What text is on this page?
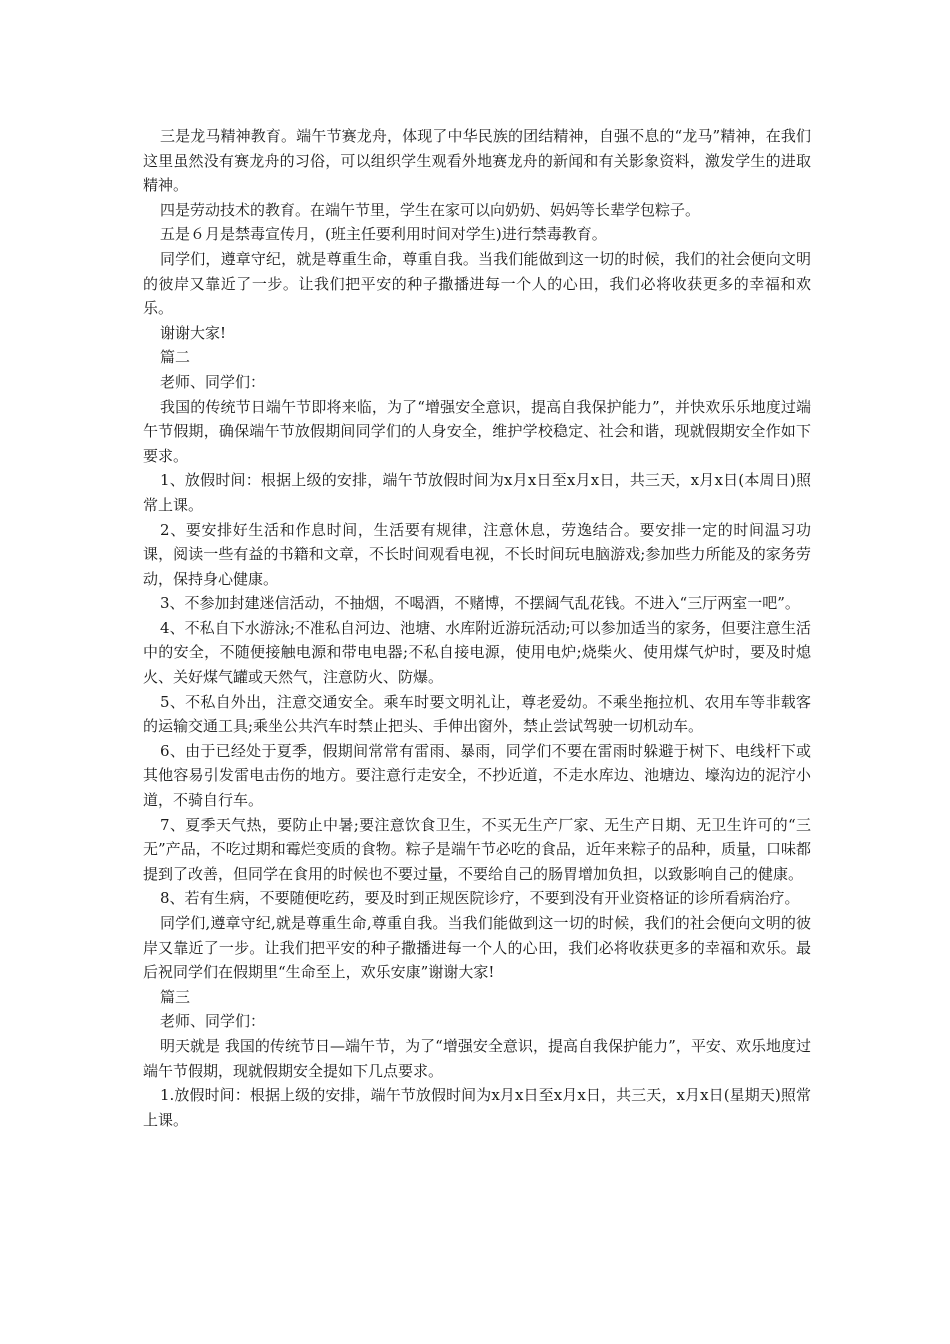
三是龙马精神教育。端午节赛龙舟，体现了中华民族的团结精神，自强不息的“龙马”精神，在我们这里虽然没有赛龙舟的习俗，可以组织学生观看外地赛龙舟的新闻和有关影象资料，激发学生的进取精神。

四是劳动技术的教育。在端午节里，学生在家可以向奶奶、妈妈等长辈学包粽子。

五是６月是禁毒宣传月，(班主任要利用时间对学生)进行禁毒教育。

同学们，遵章守纪，就是尊重生命，尊重自我。当我们能做到这一切的时候，我们的社会便向文明的彼岸又靠近了一步。让我们把平安的种子撒播进每一个人的心田，我们必将收获更多的幸福和欢乐。

谢谢大家!

篇二

老师、同学们：

我国的传统节日端午节即将来临，为了“增强安全意识，提高自我保护能力”，并快欢乐乐地度过端午节假期，确保端午节放假期间同学们的人身安全，维护学校稳定、社会和谐，现就假期安全作如下要求。

1、放假时间：根据上级的安排，端午节放假时间为x月x日至x月x日，共三天，x月x日(本周日)照常上课。

2、要安排好生活和作息时间，生活要有规律，注意休息，劳逸结合。要安排一定的时间温习功课，阅读一些有益的书籍和文章，不长时间观看电视，不长时间玩电脑游戏;参加些力所能及的家务劳动，保持身心健康。

3、不参加封建迷信活动，不抽烟，不喝酒，不赌博，不摆阔气乱花钱。不进入“三厅两室一吧”。

4、不私自下水游泳;不准私自河边、池塘、水库附近游玩活动;可以参加适当的家务，但要注意生活中的安全，不随便接触电源和带电电器;不私自接电源，使用电炉;烧柴火、使用煤气炉时，要及时熄火、关好煤气罐或天然气，注意防火、防爆。

5、不私自外出，注意交通安全。乘车时要文明礼让，尊老爱幼。不乘坐拖拉机、农用车等非载客的运输交通工具;乘坐公共汽车时禁止把头、手伸出窗外，禁止尝试驾驶一切机动车。

6、由于已经处于夏季，假期间常常有雷雨、暴雨，同学们不要在雷雨时躲避于树下、电线杆下或其他容易引发雷电击伤的地方。要注意行走安全，不抄近道，不走水库边、池塘边、壕沟边的泥泞小道，不骑自行车。

7、夏季天气热，要防止中暑;要注意饮食卫生，不买无生产厂家、无生产日期、无卫生许可的“三无”产品，不吃过期和霉烂变质的食物。粽子是端午节必吃的食品，近年来粽子的品种，质量，口味都提到了改善，但同学在食用的时候也不要过量，不要给自己的肠胃增加负担，以致影响自己的健康。

8、若有生病，不要随便吃药，要及时到正规医院诊疗，不要到没有开业资格证的诊所看病治疗。

同学们,遵章守纪,就是尊重生命,尊重自我。当我们能做到这一切的时候，我们的社会便向文明的彼岸又靠近了一步。让我们把平安的种子撒播进每一个人的心田，我们必将收获更多的幸福和欢乐。最后祝同学们在假期里“生命至上，欢乐安康”谢谢大家!

篇三

老师、同学们：

明天就是 我国的传统节日—端午节，为了“增强安全意识，提高自我保护能力”，平安、欢乐地度过端午节假期，现就假期安全提如下几点要求。

1.放假时间：根据上级的安排，端午节放假时间为x月x日至x月x日，共三天，x月x日(星期天)照常上课。
